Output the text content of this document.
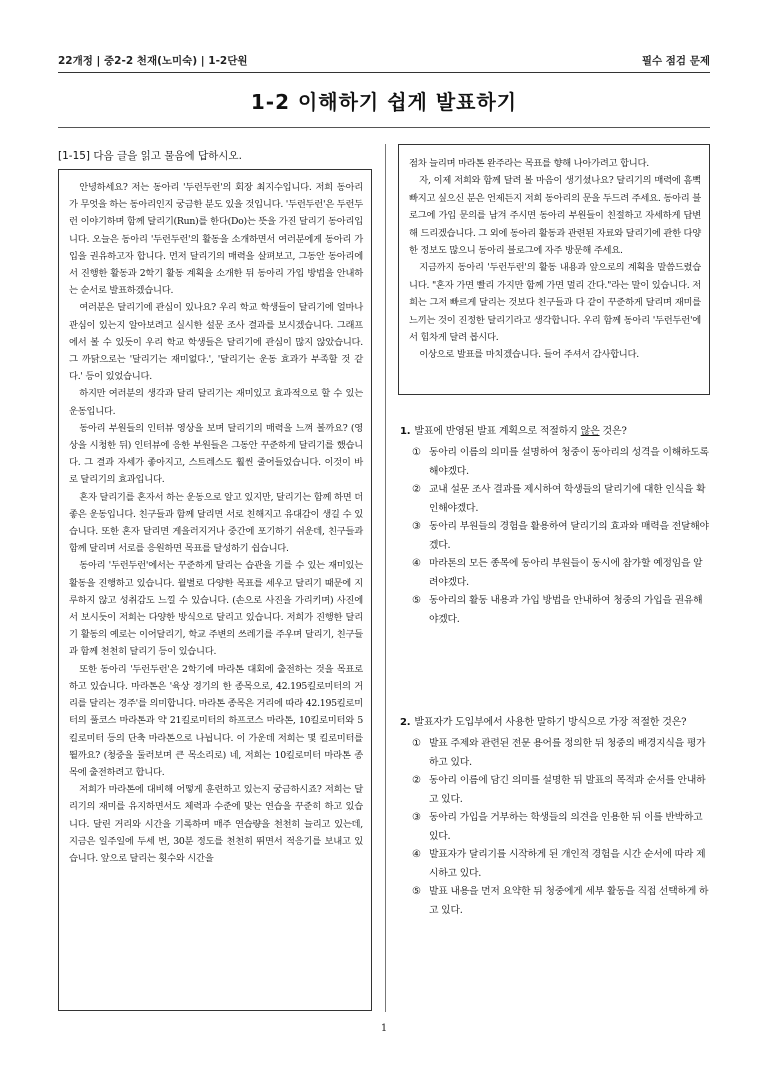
22개정 | 중2-2 천재(노미숙) | 1-2단원	필수 점검 문제
1-2 이해하기 쉽게 발표하기
[1-15] 다음 글을 읽고 물음에 답하시오.

안녕하세요? 저는 동아리 '두런두런'의 회장 최지수입니다. 저희 동아리가 무엇을 하는 동아리인지 궁금한 분도 있을 것입니다. '두런두런'은 두런두런 이야기하며 함께 달리기(Run)를 한다(Do)는 뜻을 가진 달리기 동아리입니다. 오늘은 동아리 '두런두런'의 활동을 소개하면서 여러분에게 동아리 가입을 권유하고자 합니다. 먼저 달리기의 매력을 살펴보고, 그동안 동아리에서 진행한 활동과 2학기 활동 계획을 소개한 뒤 동아리 가입 방법을 안내하는 순서로 발표하겠습니다.

여러분은 달리기에 관심이 있나요? 우리 학교 학생들이 달리기에 얼마나 관심이 있는지 알아보려고 실시한 설문 조사 결과를 보시겠습니다. 그래프에서 볼 수 있듯이 우리 학교 학생들은 달리기에 관심이 많지 않았습니다. 그 까닭으로는 '달리기는 재미없다.', '달리기는 운동 효과가 부족할 것 같다.' 등이 있었습니다.

하지만 여러분의 생각과 달리 달리기는 재미있고 효과적으로 할 수 있는 운동입니다.

동아리 부원들의 인터뷰 영상을 보며 달리기의 매력을 느껴 볼까요? (영상을 시청한 뒤) 인터뷰에 응한 부원들은 그동안 꾸준하게 달리기를 했습니다. 그 결과 자세가 좋아지고, 스트레스도 훨씬 줄어들었습니다. 이것이 바로 달리기의 효과입니다.

혼자 달리기를 혼자서 하는 운동으로 알고 있지만, 달리기는 함께 하면 더 좋은 운동입니다. 친구들과 함께 달리면 서로 친해지고 유대감이 생길 수 있습니다. 또한 혼자 달리면 게을러지거나 중간에 포기하기 쉬운데, 친구들과 함께 달리며 서로를 응원하면 목표를 달성하기 쉽습니다.

동아리 '두런두런'에서는 꾸준하게 달리는 습관을 기를 수 있는 재미있는 활동을 진행하고 있습니다. 월별로 다양한 목표를 세우고 달리기 때문에 지루하지 않고 성취감도 느낄 수 있습니다. (손으로 사진을 가리키며) 사진에서 보시듯이 저희는 다양한 방식으로 달리고 있습니다. 저희가 진행한 달리기 활동의 예로는 이어달리기, 학교 주변의 쓰레기를 주우며 달리기, 친구들과 함께 천천히 달리기 등이 있습니다.

또한 동아리 '두런두런'은 2학기에 마라톤 대회에 출전하는 것을 목표로 하고 있습니다. 마라톤은 '육상 경기의 한 종목으로, 42.195킬로미터의 거리를 달리는 경주'를 의미합니다. 마라톤 종목은 거리에 따라 42.195킬로미터의 풀코스 마라톤과 약 21킬로미터의 하프코스 마라톤, 10킬로미터와 5킬로미터 등의 단축 마라톤으로 나뉩니다. 이 가운데 저희는 몇 킬로미터를 뛸까요? (청중을 둘러보며 큰 목소리로) 네, 저희는 10킬로미터 마라톤 종목에 출전하려고 합니다.

저희가 마라톤에 대비해 어떻게 훈련하고 있는지 궁금하시죠? 저희는 달리기의 재미를 유지하면서도 체력과 수준에 맞는 연습을 꾸준히 하고 있습니다. 달린 거리와 시간을 기록하며 매주 연습량을 천천히 늘리고 있는데, 지금은 일주일에 두세 번, 30분 정도를 천천히 뛰면서 적응기를 보내고 있습니다. 앞으로 달리는 횟수와 시간을

점차 늘리며 마라톤 완주라는 목표를 향해 나아가려고 합니다.

자, 이제 저희와 함께 달려 볼 마음이 생기셨나요? 달리기의 매력에 흠뻑 빠지고 싶으신 분은 언제든지 저희 동아리의 문을 두드려 주세요. 동아리 블로그에 가입 문의를 남겨 주시면 동아리 부원들이 친절하고 자세하게 답변해 드리겠습니다. 그 외에 동아리 활동과 관련된 자료와 달리기에 관한 다양한 정보도 많으니 동아리 블로그에 자주 방문해 주세요.

지금까지 동아리 '두런두런'의 활동 내용과 앞으로의 계획을 말씀드렸습니다. "혼자 가면 빨리 가지만 함께 가면 멀리 간다."라는 말이 있습니다. 저희는 그저 빠르게 달리는 것보다 친구들과 다 같이 꾸준하게 달리며 재미를 느끼는 것이 진정한 달리기라고 생각합니다. 우리 함께 동아리 '두런두런'에서 힘차게 달려 봅시다.

이상으로 발표를 마치겠습니다. 들어 주셔서 감사합니다.

1. 발표에 반영된 발표 계획으로 적절하지 않은 것은?
① 동아리 이름의 의미를 설명하여 청중이 동아리의 성격을 이해하도록 해야겠다.
② 교내 설문 조사 결과를 제시하여 학생들의 달리기에 대한 인식을 확인해야겠다.
③ 동아리 부원들의 경험을 활용하여 달리기의 효과와 매력을 전달해야겠다.
④ 마라톤의 모든 종목에 동아리 부원들이 동시에 참가할 예정임을 알려야겠다.
⑤ 동아리의 활동 내용과 가입 방법을 안내하여 청중의 가입을 권유해야겠다.
2. 발표자가 도입부에서 사용한 말하기 방식으로 가장 적절한 것은?
① 발표 주제와 관련된 전문 용어를 정의한 뒤 청중의 배경지식을 평가하고 있다.
② 동아리 이름에 담긴 의미를 설명한 뒤 발표의 목적과 순서를 안내하고 있다.
③ 동아리 가입을 거부하는 학생들의 의견을 인용한 뒤 이를 반박하고 있다.
④ 발표자가 달리기를 시작하게 된 개인적 경험을 시간 순서에 따라 제시하고 있다.
⑤ 발표 내용을 먼저 요약한 뒤 청중에게 세부 활동을 직접 선택하게 하고 있다.
1
